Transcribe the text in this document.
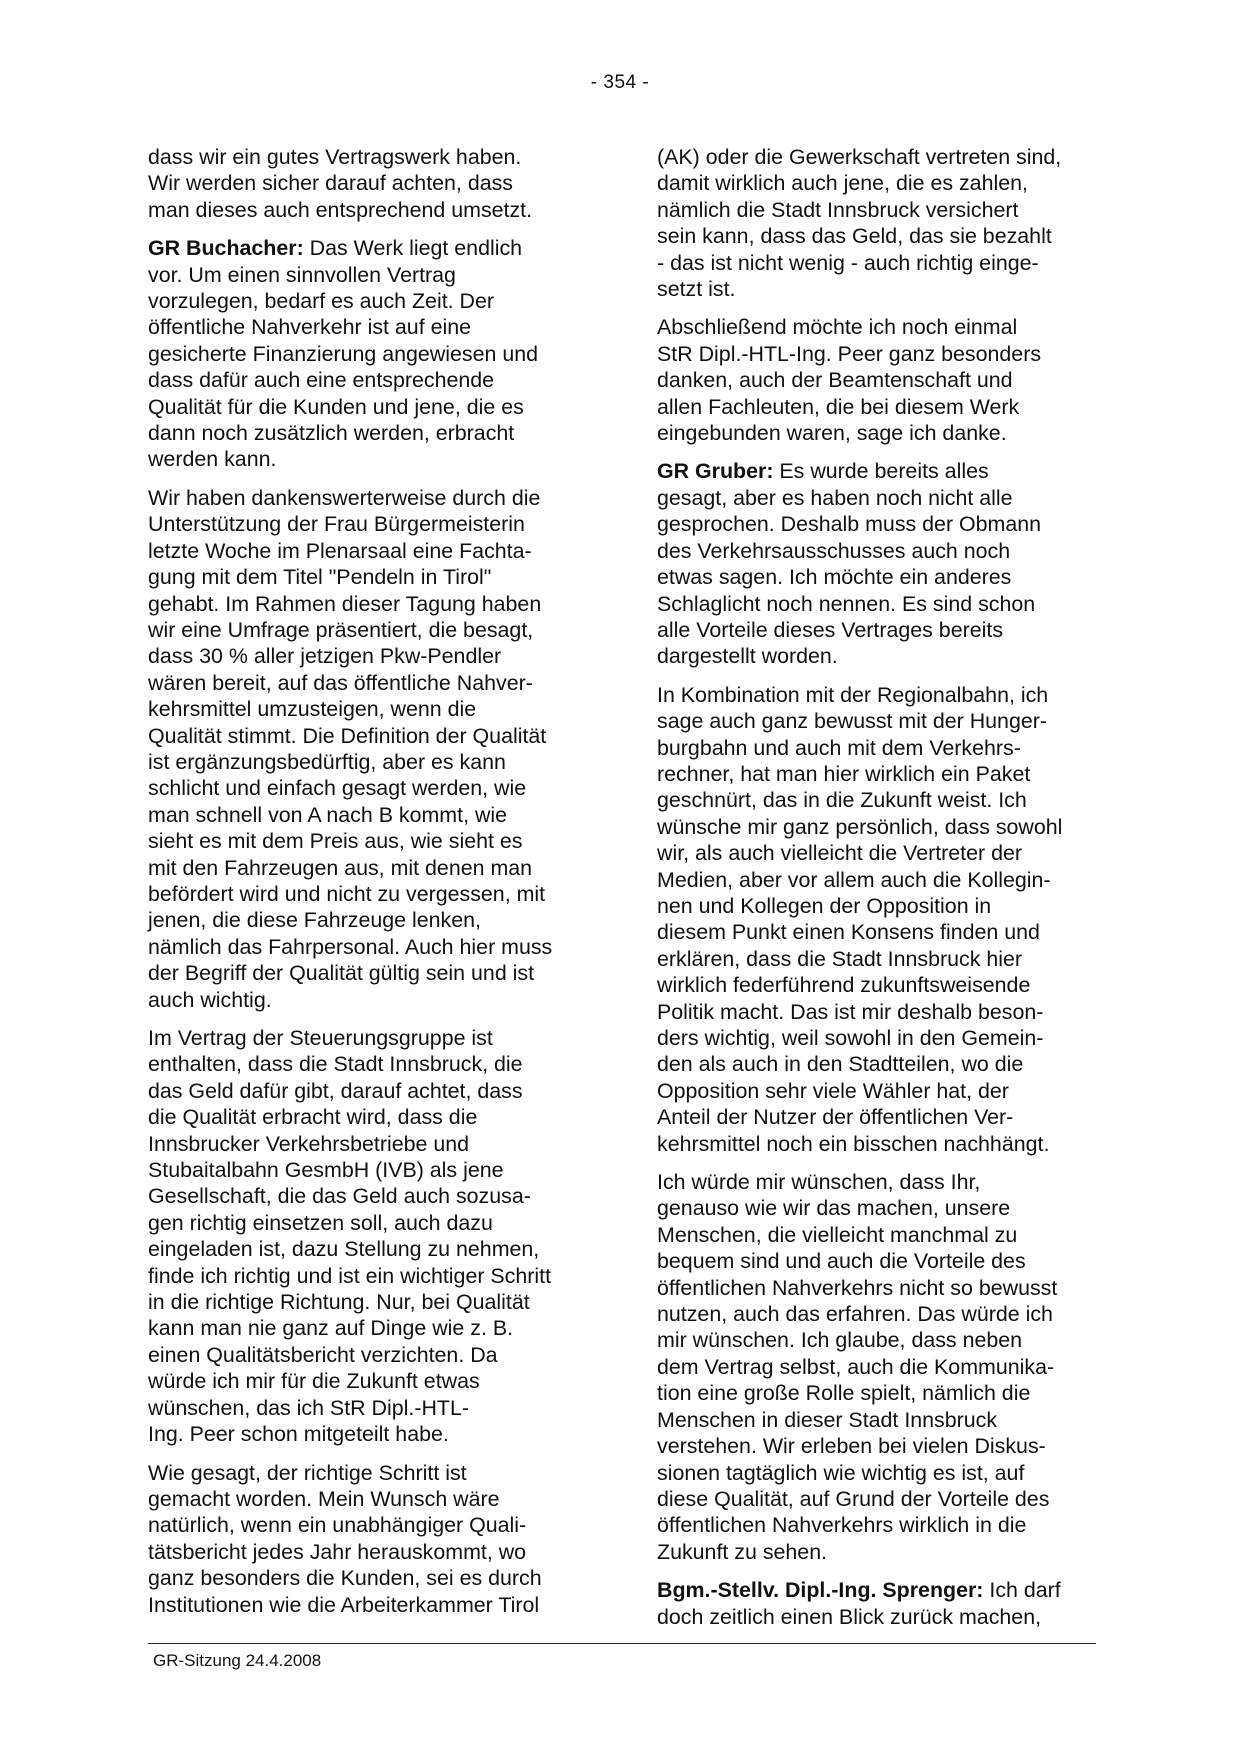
- 354 -

dass wir ein gutes Vertragswerk haben.
Wir werden sicher darauf achten, dass
man dieses auch entsprechend umsetzt.

GR Buchacher: Das Werk liegt endlich
vor. Um einen sinnvollen Vertrag
vorzulegen, bedarf es auch Zeit. Der
öffentliche Nahverkehr ist auf eine
gesicherte Finanzierung angewiesen und
dass dafür auch eine entsprechende
Qualität für die Kunden und jene, die es
dann noch zusätzlich werden, erbracht
werden kann.

Wir haben dankenswerterweise durch die
Unterstützung der Frau Bürgermeisterin
letzte Woche im Plenarsaal eine Fachta-
gung mit dem Titel "Pendeln in Tirol"
gehabt. Im Rahmen dieser Tagung haben
wir eine Umfrage präsentiert, die besagt,
dass 30 % aller jetzigen Pkw-Pendler
wären bereit, auf das öffentliche Nahver-
kehrsmittel umzusteigen, wenn die
Qualität stimmt. Die Definition der Qualität
ist ergänzungsbedürftig, aber es kann
schlicht und einfach gesagt werden, wie
man schnell von A nach B kommt, wie
sieht es mit dem Preis aus, wie sieht es
mit den Fahrzeugen aus, mit denen man
befördert wird und nicht zu vergessen, mit
jenen, die diese Fahrzeuge lenken,
nämlich das Fahrpersonal. Auch hier muss
der Begriff der Qualität gültig sein und ist
auch wichtig.

Im Vertrag der Steuerungsgruppe ist
enthalten, dass die Stadt Innsbruck, die
das Geld dafür gibt, darauf achtet, dass
die Qualität erbracht wird, dass die
Innsbrucker Verkehrsbetriebe und
Stubaitalbahn GesmbH (IVB) als jene
Gesellschaft, die das Geld auch sozusa-
gen richtig einsetzen soll, auch dazu
eingeladen ist, dazu Stellung zu nehmen,
finde ich richtig und ist ein wichtiger Schritt
in die richtige Richtung. Nur, bei Qualität
kann man nie ganz auf Dinge wie z. B.
einen Qualitätsbericht verzichten. Da
würde ich mir für die Zukunft etwas
wünschen, das ich StR Dipl.-HTL-
Ing. Peer schon mitgeteilt habe.

Wie gesagt, der richtige Schritt ist
gemacht worden. Mein Wunsch wäre
natürlich, wenn ein unabhängiger Quali-
tätsbericht jedes Jahr herauskommt, wo
ganz besonders die Kunden, sei es durch
Institutionen wie die Arbeiterkammer Tirol

(AK) oder die Gewerkschaft vertreten sind,
damit wirklich auch jene, die es zahlen,
nämlich die Stadt Innsbruck versichert
sein kann, dass das Geld, das sie bezahlt
- das ist nicht wenig - auch richtig einge-
setzt ist.

Abschließend möchte ich noch einmal
StR Dipl.-HTL-Ing. Peer ganz besonders
danken, auch der Beamtenschaft und
allen Fachleuten, die bei diesem Werk
eingebunden waren, sage ich danke.

GR Gruber: Es wurde bereits alles
gesagt, aber es haben noch nicht alle
gesprochen. Deshalb muss der Obmann
des Verkehrsausschusses auch noch
etwas sagen. Ich möchte ein anderes
Schlaglicht noch nennen. Es sind schon
alle Vorteile dieses Vertrages bereits
dargestellt worden.

In Kombination mit der Regionalbahn, ich
sage auch ganz bewusst mit der Hunger-
burgbahn und auch mit dem Verkehrs-
rechner, hat man hier wirklich ein Paket
geschnürt, das in die Zukunft weist. Ich
wünsche mir ganz persönlich, dass sowohl
wir, als auch vielleicht die Vertreter der
Medien, aber vor allem auch die Kollegin-
nen und Kollegen der Opposition in
diesem Punkt einen Konsens finden und
erklären, dass die Stadt Innsbruck hier
wirklich federführend zukunftsweisende
Politik macht. Das ist mir deshalb beson-
ders wichtig, weil sowohl in den Gemein-
den als auch in den Stadtteilen, wo die
Opposition sehr viele Wähler hat, der
Anteil der Nutzer der öffentlichen Ver-
kehrsmittel noch ein bisschen nachhängt.

Ich würde mir wünschen, dass Ihr,
genauso wie wir das machen, unsere
Menschen, die vielleicht manchmal zu
bequem sind und auch die Vorteile des
öffentlichen Nahverkehrs nicht so bewusst
nutzen, auch das erfahren. Das würde ich
mir wünschen. Ich glaube, dass neben
dem Vertrag selbst, auch die Kommunika-
tion eine große Rolle spielt, nämlich die
Menschen in dieser Stadt Innsbruck
verstehen. Wir erleben bei vielen Diskus-
sionen tagtäglich wie wichtig es ist, auf
diese Qualität, auf Grund der Vorteile des
öffentlichen Nahverkehrs wirklich in die
Zukunft zu sehen.

Bgm.-Stellv. Dipl.-Ing. Sprenger: Ich darf
doch zeitlich einen Blick zurück machen,

GR-Sitzung 24.4.2008
